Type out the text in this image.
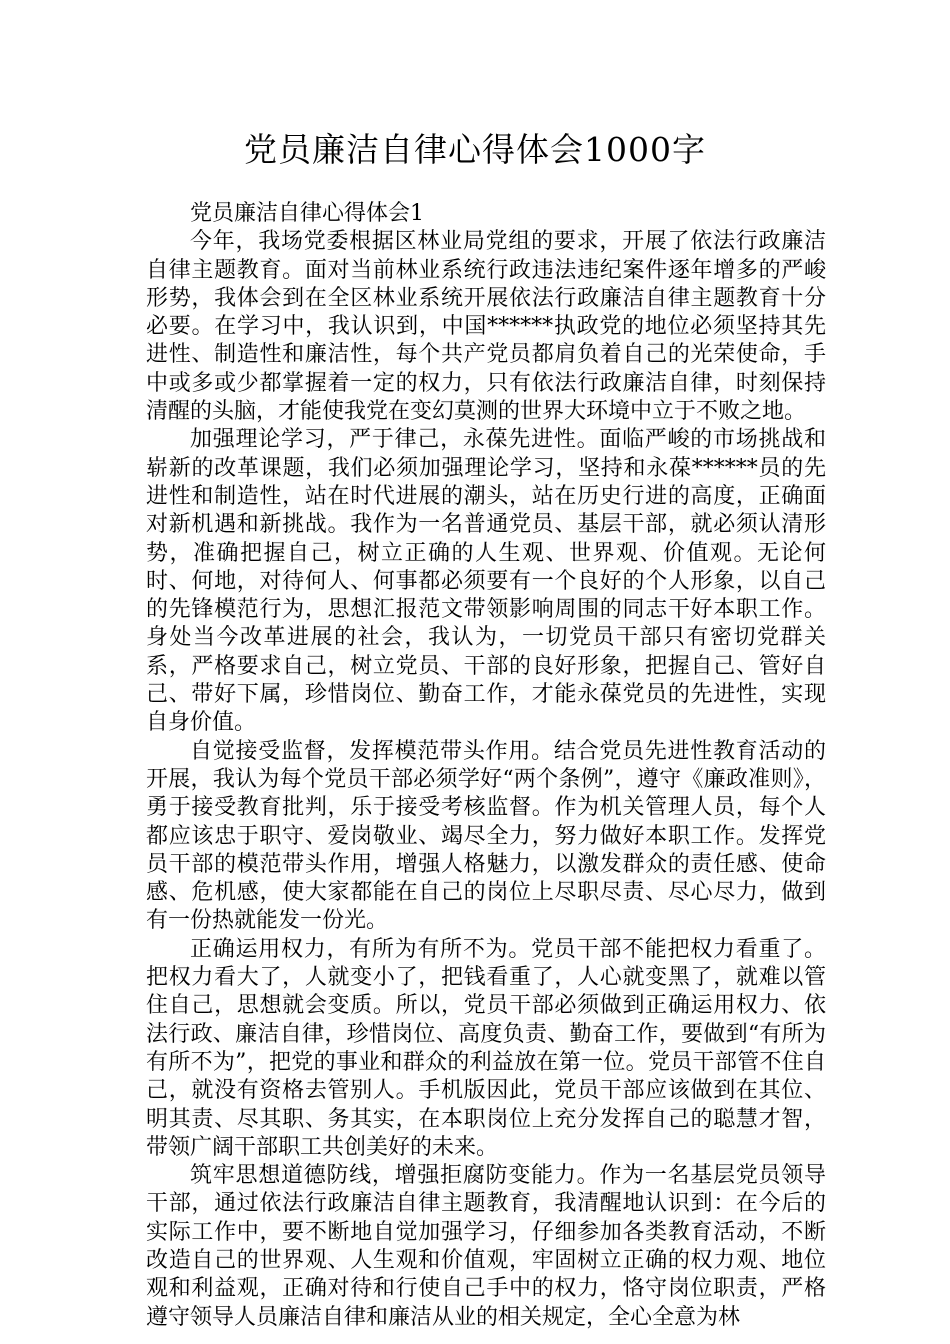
党员廉洁自律心得体会1000字

党员廉洁自律心得体会1

今年，我场党委根据区林业局党组的要求，开展了依法行政廉洁自律主题教育。面对当前林业系统行政违法违纪案件逐年增多的严峻形势，我体会到在全区林业系统开展依法行政廉洁自律主题教育十分必要。在学习中，我认识到，中国******执政党的地位必须坚持其先进性、制造性和廉洁性，每个共产党员都肩负着自己的光荣使命，手中或多或少都掌握着一定的权力，只有依法行政廉洁自律，时刻保持清醒的头脑，才能使我党在变幻莫测的世界大环境中立于不败之地。

加强理论学习，严于律己，永葆先进性。面临严峻的市场挑战和崭新的改革课题，我们必须加强理论学习，坚持和永葆******员的先进性和制造性，站在时代进展的潮头，站在历史行进的高度，正确面对新机遇和新挑战。我作为一名普通党员、基层干部，就必须认清形势，准确把握自己，树立正确的人生观、世界观、价值观。无论何时、何地，对待何人、何事都必须要有一个良好的个人形象，以自己的先锋模范行为，思想汇报范文带领影响周围的同志干好本职工作。身处当今改革进展的社会，我认为，一切党员干部只有密切党群关系，严格要求自己，树立党员、干部的良好形象，把握自己、管好自己、带好下属，珍惜岗位、勤奋工作，才能永葆党员的先进性，实现自身价值。

自觉接受监督，发挥模范带头作用。结合党员先进性教育活动的开展，我认为每个党员干部必须学好“两个条例”，遵守《廉政准则》，勇于接受教育批判，乐于接受考核监督。作为机关管理人员，每个人都应该忠于职守、爱岗敬业、竭尽全力，努力做好本职工作。发挥党员干部的模范带头作用，增强人格魅力，以激发群众的责任感、使命感、危机感，使大家都能在自己的岗位上尽职尽责、尽心尽力，做到有一份热就能发一份光。

正确运用权力，有所为有所不为。党员干部不能把权力看重了。把权力看大了，人就变小了，把钱看重了，人心就变黑了，就难以管住自己，思想就会变质。所以，党员干部必须做到正确运用权力、依法行政、廉洁自律，珍惜岗位、高度负责、勤奋工作，要做到“有所为有所不为”，把党的事业和群众的利益放在第一位。党员干部管不住自己，就没有资格去管别人。手机版因此，党员干部应该做到在其位、明其责、尽其职、务其实，在本职岗位上充分发挥自己的聪慧才智，带领广阔干部职工共创美好的未来。

筑牢思想道德防线，增强拒腐防变能力。作为一名基层党员领导干部，通过依法行政廉洁自律主题教育，我清醒地认识到：在今后的实际工作中，要不断地自觉加强学习，仔细参加各类教育活动，不断改造自己的世界观、人生观和价值观，牢固树立正确的权力观、地位观和利益观，正确对待和行使自己手中的权力，恪守岗位职责，严格遵守领导人员廉洁自律和廉洁从业的相关规定，全心全意为林
